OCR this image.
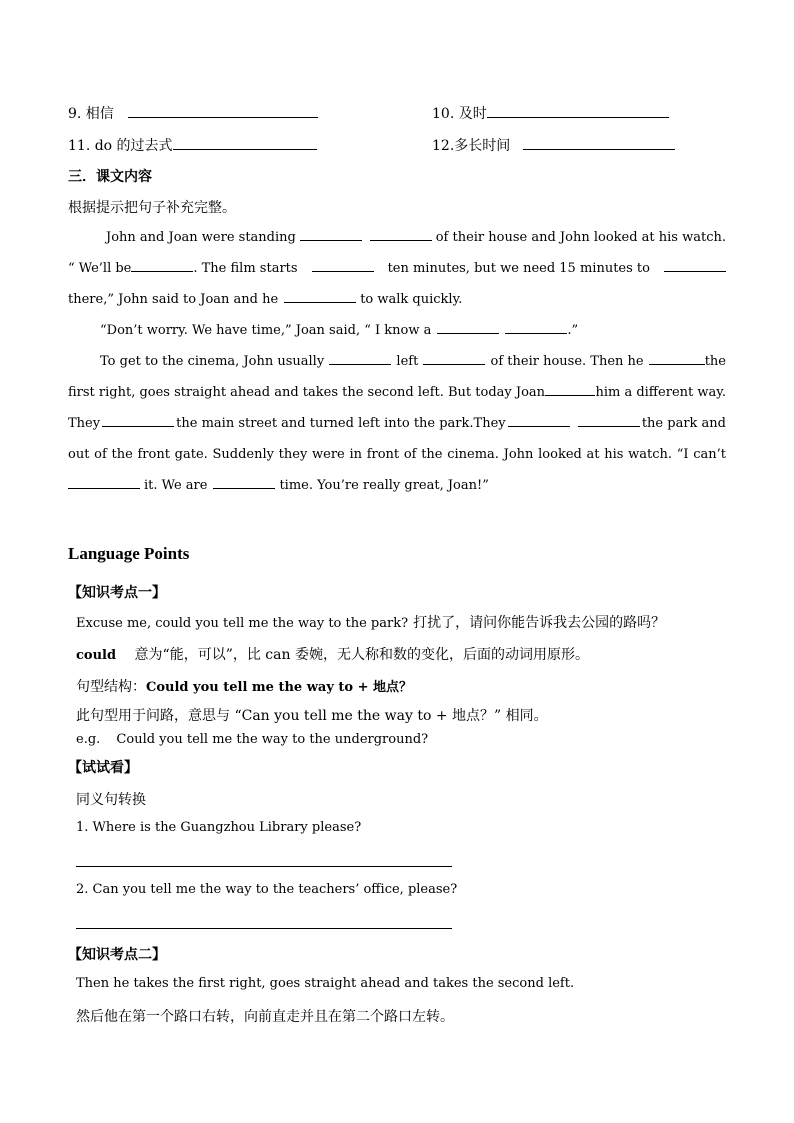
9. 相信	10. 及时
11. do 的过去式	12.多长时间
三．课文内容
根据提示把句子补充完整。
John and Joan were standing
	of their house and John looked at his watch.
“ We’ll be	. The film starts	ten minutes, but we need 15 minutes to
there,” John said to Joan and he	to walk quickly.
“Don’t worry. We have time,” Joan said, “ I know a	.”
To get to the cinema, John usually	left	of their house. Then he	the
first right, goes straight ahead and takes the second left. But today Joan	him a different way.
They	the main street and turned left into the park.They
	the park and
out of the front gate. Suddenly they were in front of the cinema. John looked at his watch. “I can’t
it. We are	time. You’re really great, Joan!”
Language Points
【知识考点一】
Excuse me, could you tell me the way to the park? 打扰了，请问你能告诉我去公园的路吗？
could 意为“能，可以”，比 can 委婉，无人称和数的变化，后面的动词用原形。
句型结构：Could you tell me the way to + 地点？
此句型用于问路，意思与 “Can you tell me the way to + 地点？” 相同。
e.g. Could you tell me the way to the underground?
【试试看】
同义句转换
1. Where is the Guangzhou Library please?
2. Can you tell me the way to the teachers’ office, please?
【知识考点二】
Then he takes the first right, goes straight ahead and takes the second left.
然后他在第一个路口右转，向前直走并且在第二个路口左转。
